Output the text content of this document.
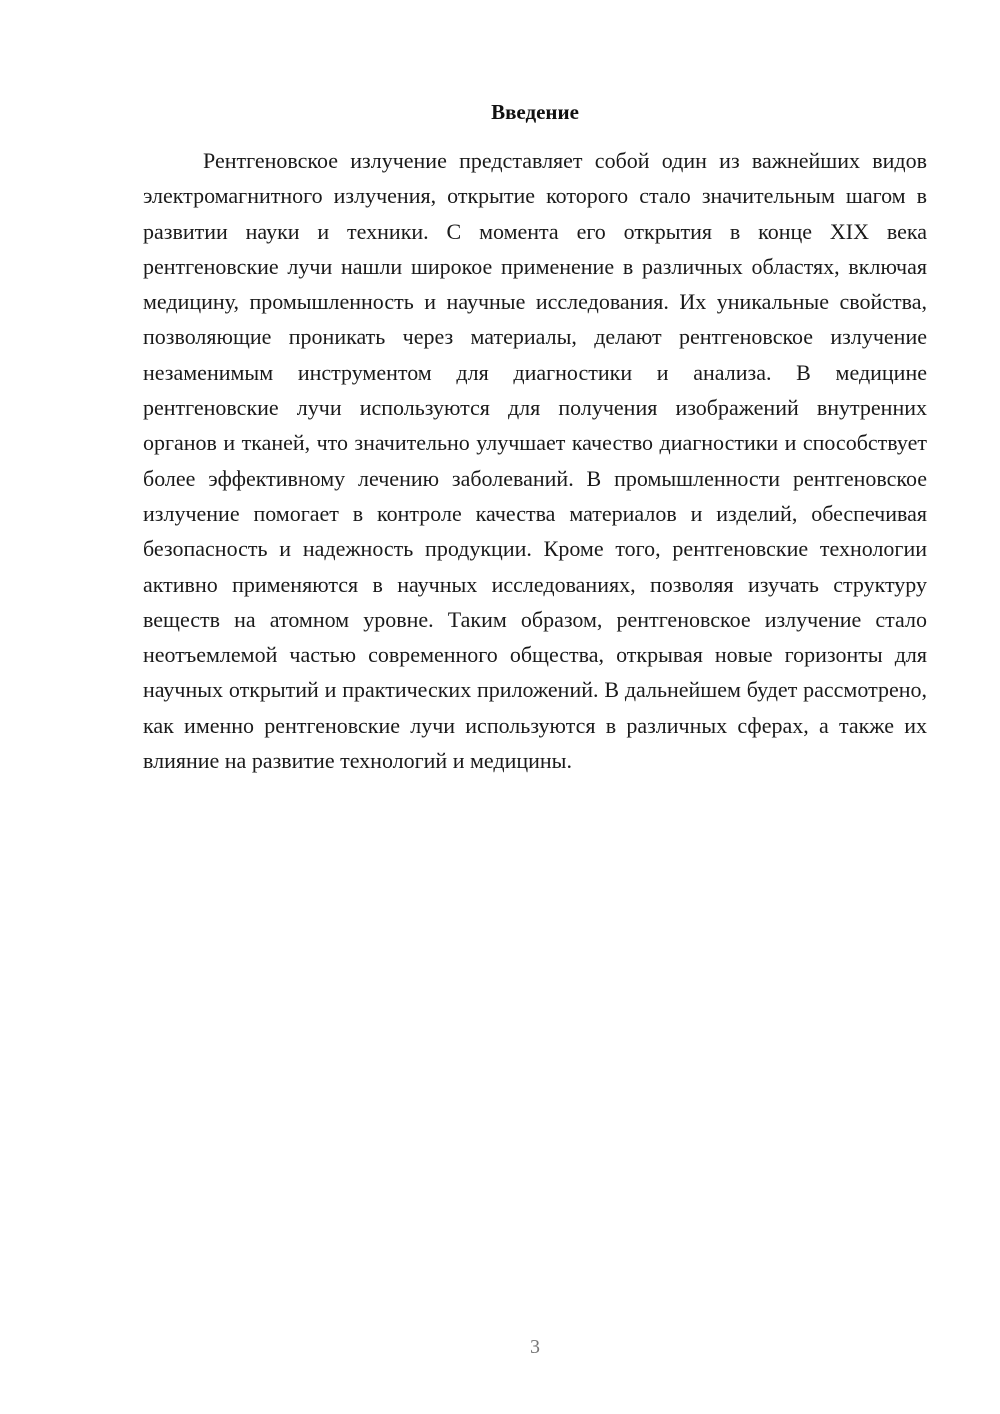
Введение

Рентгеновское излучение представляет собой один из важнейших видов электромагнитного излучения, открытие которого стало значительным шагом в развитии науки и техники. С момента его открытия в конце XIX века рентгеновские лучи нашли широкое применение в различных областях, включая медицину, промышленность и научные исследования. Их уникальные свойства, позволяющие проникать через материалы, делают рентгеновское излучение незаменимым инструментом для диагностики и анализа. В медицине рентгеновские лучи используются для получения изображений внутренних органов и тканей, что значительно улучшает качество диагностики и способствует более эффективному лечению заболеваний. В промышленности рентгеновское излучение помогает в контроле качества материалов и изделий, обеспечивая безопасность и надежность продукции. Кроме того, рентгеновские технологии активно применяются в научных исследованиях, позволяя изучать структуру веществ на атомном уровне. Таким образом, рентгеновское излучение стало неотъемлемой частью современного общества, открывая новые горизонты для научных открытий и практических приложений. В дальнейшем будет рассмотрено, как именно рентгеновские лучи используются в различных сферах, а также их влияние на развитие технологий и медицины.

3
